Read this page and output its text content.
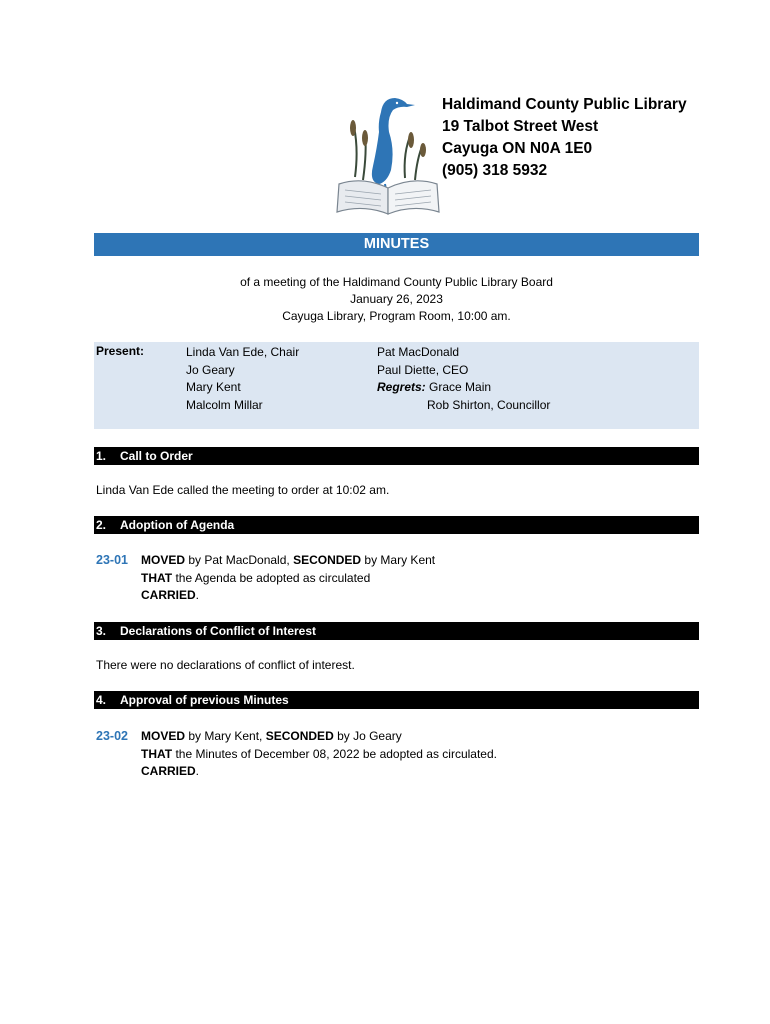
Haldimand County Public Library
19 Talbot Street West
Cayuga ON N0A 1E0
(905) 318 5932
MINUTES
of a meeting of the Haldimand County Public Library Board
January 26, 2023
Cayuga Library, Program Room, 10:00 am.
Present:	Linda Van Ede, Chair
Jo Geary
Mary Kent
Malcolm Millar
Pat MacDonald
Paul Diette, CEO
Regrets: Grace Main
Rob Shirton, Councillor
1. Call to Order
Linda Van Ede called the meeting to order at 10:02 am.
2. Adoption of Agenda
23-01 MOVED by Pat MacDonald, SECONDED by Mary Kent
THAT the Agenda be adopted as circulated
CARRIED.
3. Declarations of Conflict of Interest
There were no declarations of conflict of interest.
4. Approval of previous Minutes
23-02 MOVED by Mary Kent, SECONDED by Jo Geary
THAT the Minutes of December 08, 2022 be adopted as circulated.
CARRIED.
